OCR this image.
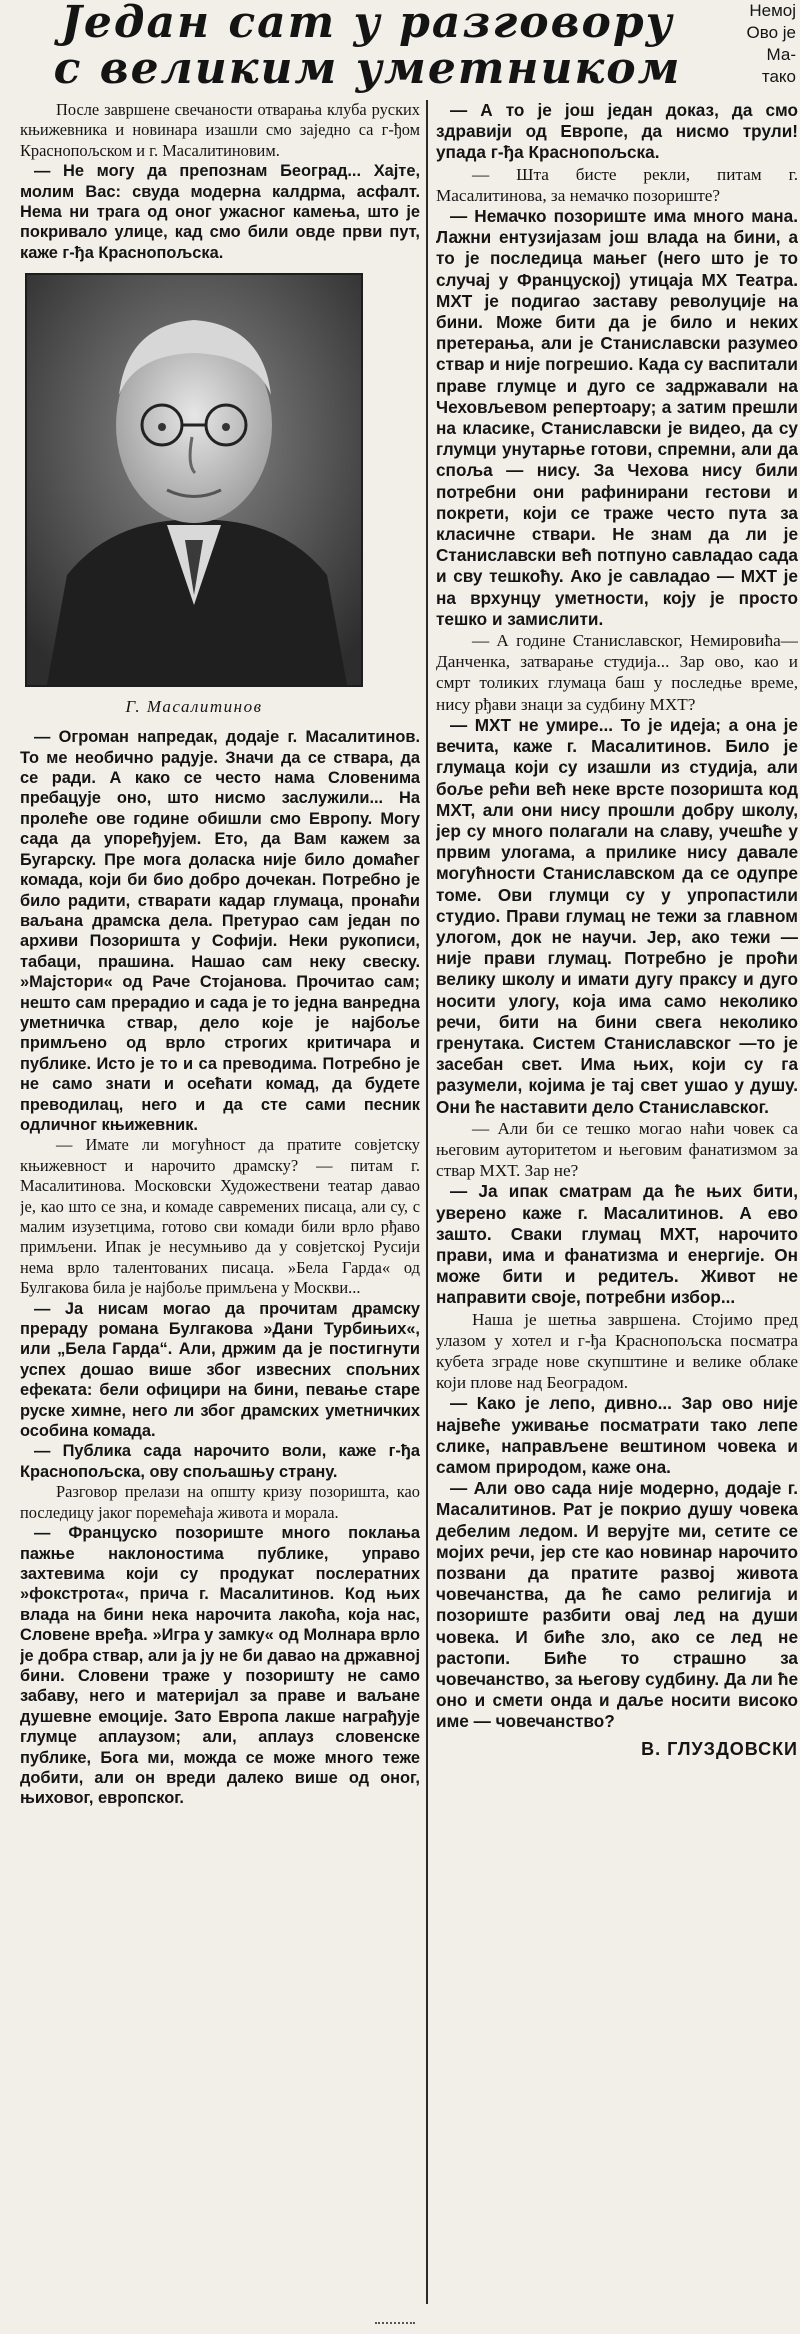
Немој
Ово је
Ма-
тако
Један сат у разговору
с великим уметником

После завршене свечаности отварања клуба руских књижевника и новинара изашли смо заједно са г-ђом Краснопољском и г. Масалитиновим.

— Не могу да препознам Београд... Хајте, молим Вас: свуда модерна калдрма, асфалт. Нема ни трага од оног ужасног камења, што је покривало улице, кад смо били овде први пут, каже г-ђа Краснопољска.

Г. Масалитинов

— Огроман напредак, додаје г. Масалитинов. То ме необично радује. Значи да се ствара, да се ради. А како се често нама Словенима пребацује оно, што нисмо заслужили... На пролеће ове године обишли смо Европу. Могу сада да упоређујем. Ето, да Вам кажем за Бугарску. Пре мога доласка није било домаћег комада, који би био добро дочекан. Потребно је било радити, стварати кадар глумаца, пронаћи ваљана драмска дела. Претурао сам један по архиви Позоришта у Софији. Неки рукописи, табаци, прашина. Нашао сам неку свеску. »Мајстори« од Раче Стојанова. Прочитао сам; нешто сам прерадио и сада је то једна ванредна уметничка ствар, дело које је најбоље примљено од врло строгих критичара и публике. Исто је то и са преводима. Потребно је не само знати и осећати комад, да будете преводилац, него и да сте сами песник одличног књижевник.

— Имате ли могућност да пратите совјетску књижевност и нарочито драмску? — питам г. Масалитинова. Московски Художествени театар давао је, као што се зна, и комаде савремених писаца, али су, с малим изузетцима, готово сви комади били врло рђаво примљени. Ипак је несумњиво да у совјетској Русији нема врло талентованих писаца. »Бела Гарда« од Булгакова била је најбоље примљена у Москви...

— Ја нисам могао да прочитам драмску прераду романа Булгакова »Дани Турбињих«, или „Бела Гарда“. Али, држим да је постигнути успех дошао више због извесних спољних ефеката: бели официри на бини, певање старе руске химне, него ли због драмских уметничких особина комада.

— Публика сада нарочито воли, каже г-ђа Краснопољска, ову спољашњу страну.

Разговор прелази на општу кризу позоришта, као последицу јаког поремећаја живота и морала.

— Француско позориште много поклања пажње наклоностима публике, управо захтевима који су продукат послератних »фокстрота«, прича г. Масалитинов. Код њих влада на бини нека нарочита лакоћа, која нас, Словене вређа. »Игра у замку« од Молнара врло је добра ствар, али ја ју не би давао на државној бини. Словени траже у позоришту не само забаву, него и материјал за праве и ваљане душевне емоције. Зато Европа лакше награђује глумце аплаузом; али, аплауз словенске публике, Бога ми, можда се може много теже добити, али он вреди далеко више од оног, њиховог, европског.

— А то је још један доказ, да смо здравији од Европе, да нисмо трули! упада г-ђа Краснопољска.

— Шта бисте рекли, питам г. Масалитинова, за немачко позориште?

— Немачко позориште има много мана. Лажни ентузијазам још влада на бини, а то је последица мањег (него што је то случај у Француској) утицаја МХ Театра. МХТ је подигао заставу револуције на бини. Може бити да је било и неких претерања, али је Станиславски разумео ствар и није погрешио. Када су васпитали праве глумце и дуго се задржавали на Чеховљевом репертоару; а затим прешли на класике, Станиславски је видео, да су глумци унутарње готови, спремни, али да споља — нису. За Чехова нису били потребни они рафинирани гестови и покрети, који се траже често пута за класичне ствари. Не знам да ли је Станиславски већ потпуно савладао сада и сву тешкоћу. Ако је савладао — МХТ је на врхунцу уметности, коју је просто тешко и замислити.

— А године Станиславског, Немировића—Данченка, затварање студија... Зар ово, као и смрт толиких глумаца баш у последње време, нису рђави знаци за судбину МХТ?

— МХТ не умире... То је идеја; а она је вечита, каже г. Масалитинов. Било је глумаца који су изашли из студија, али боље рећи већ неке врсте позоришта код МХТ, али они нису прошли добру школу, јер су много полагали на славу, учешће у првим улогама, а прилике нису давале могућности Станиславском да се одупре томе. Ови глумци су у упропастили студио. Прави глумац не тежи за главном улогом, док не научи. Јер, ако тежи — није прави глумац. Потребно је проћи велику школу и имати дугу праксу и дуго носити улогу, која има само неколико речи, бити на бини свега неколико гренутака. Систем Станиславског —то је засебан свет. Има њих, који су га разумели, којима је тај свет ушао у душу. Они ће наставити дело Станиславског.

— Али би се тешко могао наћи човек са његовим ауторитетом и његовим фанатизмом за ствар МХТ. Зар не?

— Ја ипак сматрам да ће њих бити, уверено каже г. Масалитинов. А ево зашто. Сваки глумац МХТ, нарочито прави, има и фанатизма и енергије. Он може бити и редитељ. Живот не направити своје, потребни избор...

Наша је шетња завршена. Стојимо пред улазом у хотел и г-ђа Краснопољска посматра кубета зграде нове скупштине и велике облаке који плове над Београдом.

— Како је лепо, дивно... Зар ово није највеће уживање посматрати тако лепе слике, направљене вештином човека и самом природом, каже она.

— Али ово сада није модерно, додаје г. Масалитинов. Рат је покрио душу човека дебелим ледом. И верујте ми, сетите се мојих речи, јер сте као новинар нарочито позвани да пратите развој живота човечанства, да ће само религија и позориште разбити овај лед на души човека. И биће зло, ако се лед не растопи. Биће то страшно за човечанство, за његову судбину. Да ли ће оно и смети онда и даље носити високо име — човечанство?

В. ГЛУЗДОВСКИ
